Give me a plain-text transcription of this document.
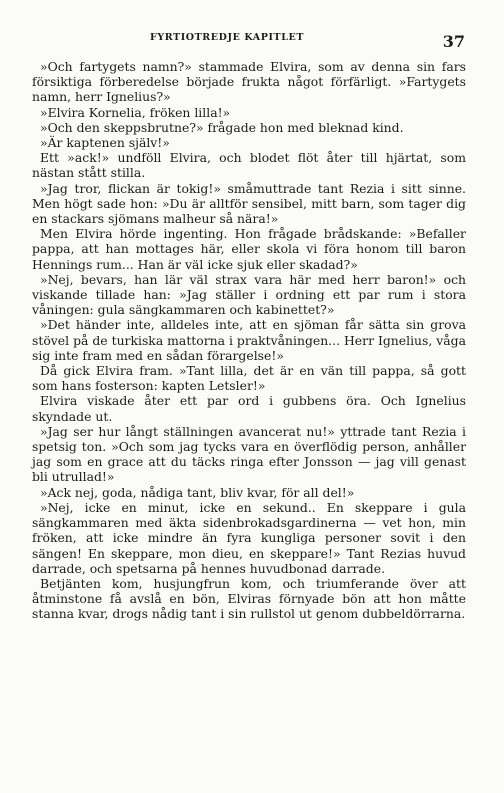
FYRTIOTREDJE KAPITLET	37

»Och fartygets namn?» stammade Elvira, som av denna sin fars försiktiga förberedelse började frukta något förfärligt. »Fartygets namn, herr Ignelius?»

»Elvira Kornelia, fröken lilla!»

»Och den skeppsbrutne?» frågade hon med bleknad kind.

»Är kaptenen själv!»

Ett »ack!» undföll Elvira, och blodet flöt åter till hjärtat, som nästan stått stilla.

»Jag tror, flickan är tokig!» småmuttrade tant Rezia i sitt sinne. Men högt sade hon: »Du är alltför sensibel, mitt barn, som tager dig en stackars sjömans malheur så nära!»

Men Elvira hörde ingenting. Hon frågade brådskande: »Befaller pappa, att han mottages här, eller skola vi föra honom till baron Hennings rum... Han är väl icke sjuk eller skadad?»

»Nej, bevars, han lär väl strax vara här med herr baron!» och viskande tillade han: »Jag ställer i ordning ett par rum i stora våningen: gula sängkammaren och kabinettet?»

»Det händer inte, alldeles inte, att en sjöman får sätta sin grova stövel på de turkiska mattorna i praktvåningen... Herr Ignelius, våga sig inte fram med en sådan förargelse!»

Då gick Elvira fram. »Tant lilla, det är en vän till pappa, så gott som hans fosterson: kapten Letsler!»

Elvira viskade åter ett par ord i gubbens öra. Och Ignelius skyndade ut.

»Jag ser hur långt ställningen avancerat nu!» yttrade tant Rezia i spetsig ton. »Och som jag tycks vara en överflödig person, anhåller jag som en grace att du täcks ringa efter Jonsson — jag vill genast bli utrullad!»

»Ack nej, goda, nådiga tant, bliv kvar, för all del!»

»Nej, icke en minut, icke en sekund.. En skeppare i gula sängkammaren med äkta sidenbrokadsgardinerna — vet hon, min fröken, att icke mindre än fyra kungliga personer sovit i den sängen! En skeppare, mon dieu, en skeppare!» Tant Rezias huvud darrade, och spetsarna på hennes huvudbonad darrade.

Betjänten kom, husjungfrun kom, och triumferande över att åtminstone få avslå en bön, Elviras förnyade bön att hon måtte stanna kvar, drogs nådig tant i sin rullstol ut genom dubbeldörrarna.
